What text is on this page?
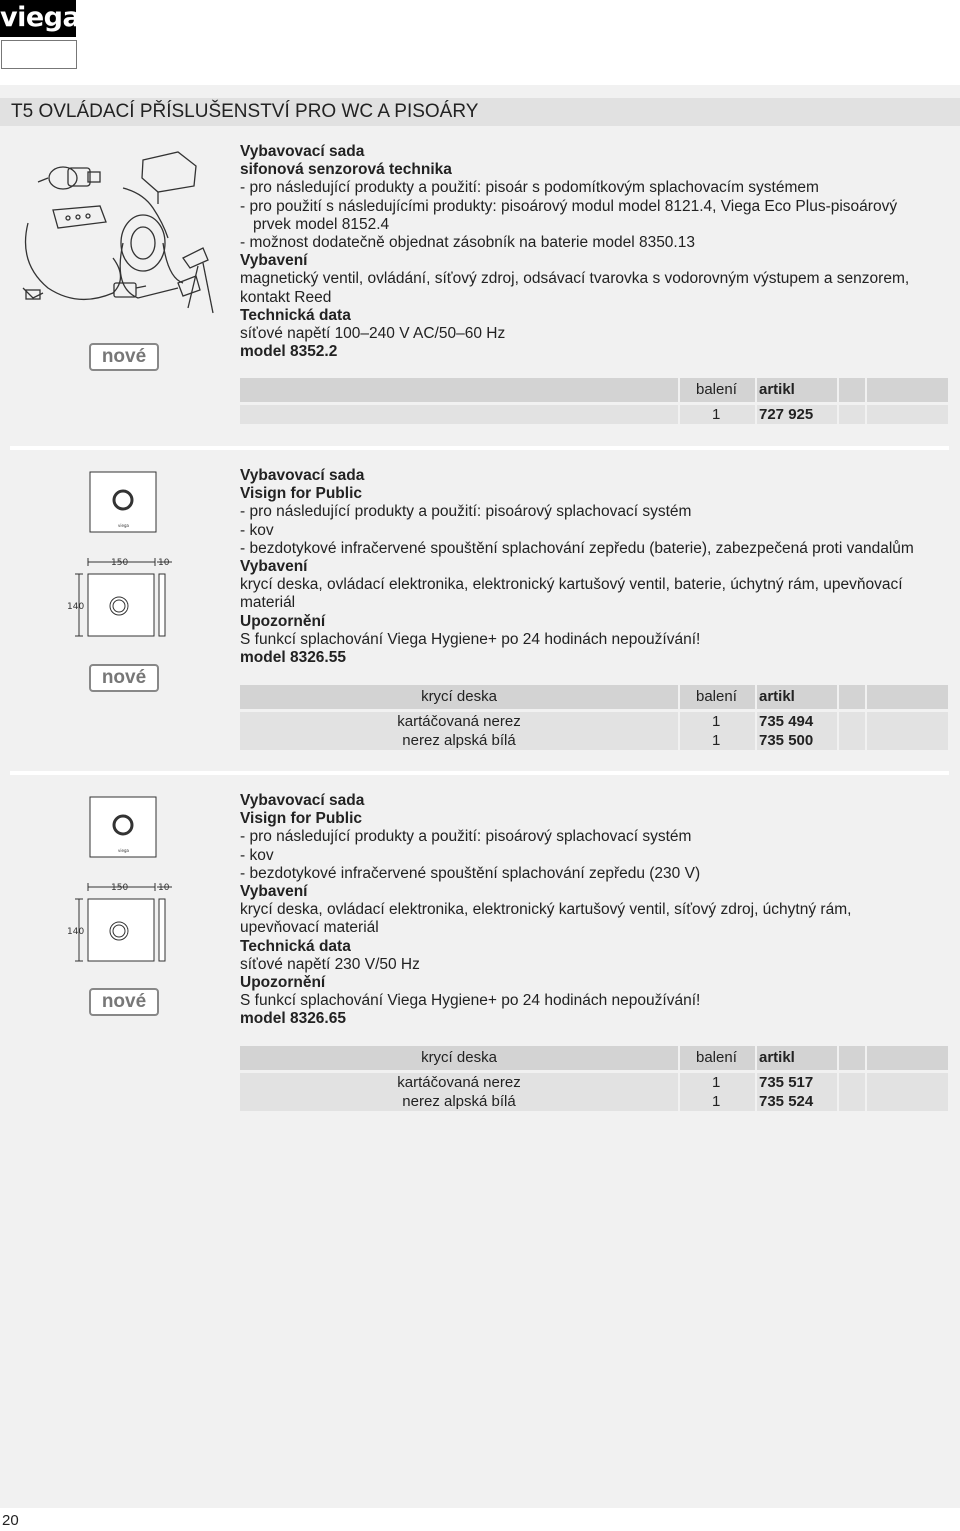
viega
T5 OVLÁDACÍ PŘÍSLUŠENSTVÍ PRO WC A PISOÁRY
Vybavovací sada
sifonová senzorová technika
- pro následující produkty a použití: pisoár s podomítkovým splachovacím systémem
- pro použití s následujícími produkty: pisoárový modul model 8121.4, Viega Eco Plus-pisoárový
prvek model 8152.4
- možnost dodatečně objednat zásobník na baterie model 8350.13
Vybavení
magnetický ventil, ovládání, síťový zdroj, odsávací tvarovka s vodorovným výstupem a senzorem,
kontakt Reed
Technická data
síťové napětí 100–240 V AC/50–60 Hz
model 8352.2
nové
balení	artikl
1	727 925
viega
150	10
140
Vybavovací sada
Visign for Public
- pro následující produkty a použití: pisoárový splachovací systém
- kov
- bezdotykové infračervené spouštění splachování zepředu (baterie), zabezpečená proti vandalům
Vybavení
krycí deska, ovládací elektronika, elektronický kartušový ventil, baterie, úchytný rám, upevňovací
materiál
Upozornění
S funkcí splachování Viega Hygiene+ po 24 hodinách nepoužívání!
model 8326.55
nové
krycí deska	balení	artikl
kartáčovaná nerez	1	735 494
nerez alpská bílá	1	735 500
viega
150	10
140
Vybavovací sada
Visign for Public
- pro následující produkty a použití: pisoárový splachovací systém
- kov
- bezdotykové infračervené spouštění splachování zepředu (230 V)
Vybavení
krycí deska, ovládací elektronika, elektronický kartušový ventil, síťový zdroj, úchytný rám,
upevňovací materiál
Technická data
síťové napětí 230 V/50 Hz
Upozornění
S funkcí splachování Viega Hygiene+ po 24 hodinách nepoužívání!
model 8326.65
nové
krycí deska	balení	artikl
kartáčovaná nerez	1	735 517
nerez alpská bílá	1	735 524
20
